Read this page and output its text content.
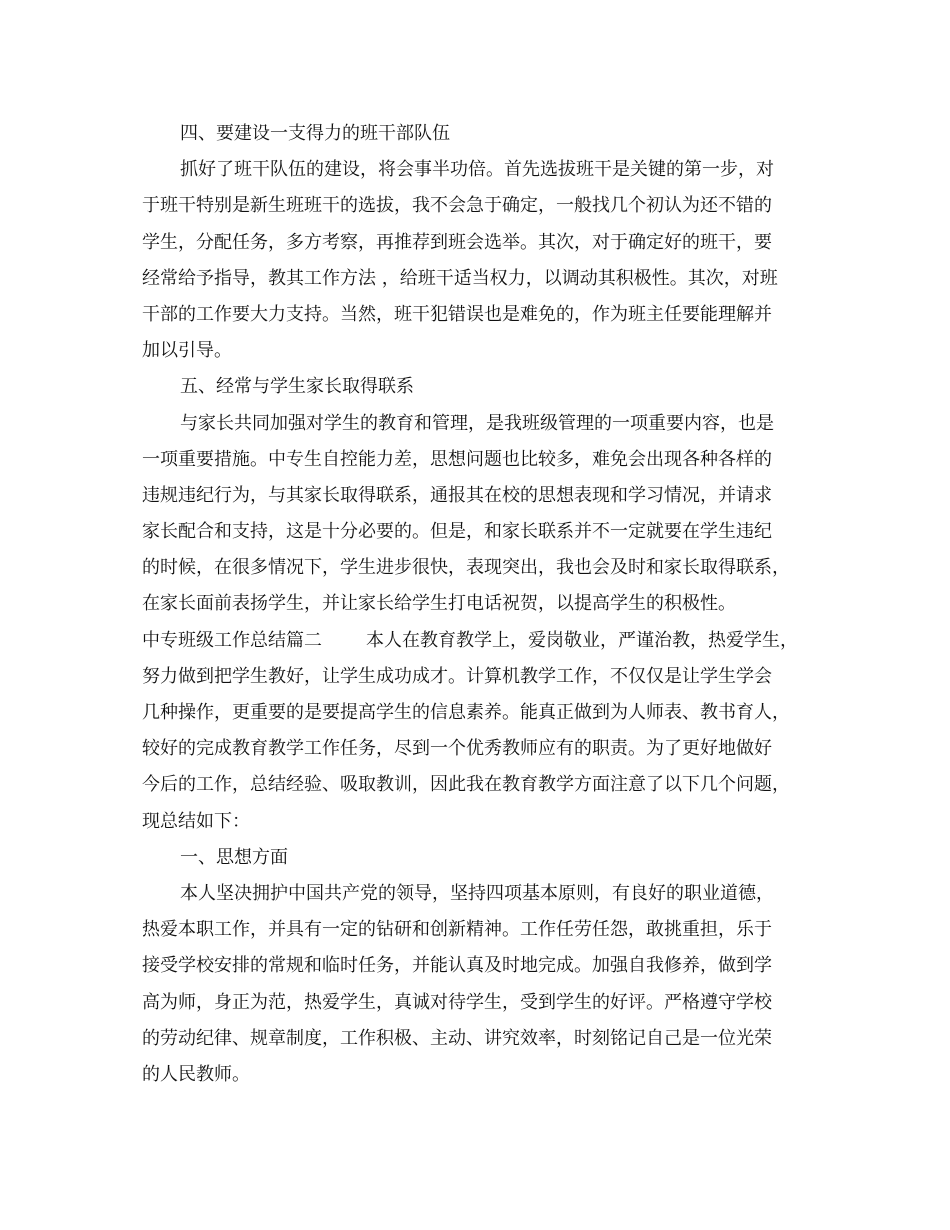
四、要建设一支得力的班干部队伍
抓好了班干队伍的建设，将会事半功倍。首先选拔班干是关键的第一步，对
于班干特别是新生班班干的选拔，我不会急于确定，一般找几个初认为还不错的
学生，分配任务，多方考察，再推荐到班会选举。其次，对于确定好的班干，要
经常给予指导，教其工作方法 ，给班干适当权力，以调动其积极性。其次，对班
干部的工作要大力支持。当然，班干犯错误也是难免的，作为班主任要能理解并
加以引导。
五、经常与学生家长取得联系
与家长共同加强对学生的教育和管理，是我班级管理的一项重要内容，也是
一项重要措施。中专生自控能力差，思想问题也比较多，难免会出现各种各样的
违规违纪行为，与其家长取得联系，通报其在校的思想表现和学习情况，并请求
家长配合和支持，这是十分必要的。但是，和家长联系并不一定就要在学生违纪
的时候，在很多情况下，学生进步很快，表现突出，我也会及时和家长取得联系，
在家长面前表扬学生，并让家长给学生打电话祝贺，以提高学生的积极性。
中专班级工作总结篇二 本人在教育教学上，爱岗敬业，严谨治教，热爱学生，
努力做到把学生教好，让学生成功成才。计算机教学工作，不仅仅是让学生学会
几种操作，更重要的是要提高学生的信息素养。能真正做到为人师表、教书育人，
较好的完成教育教学工作任务，尽到一个优秀教师应有的职责。为了更好地做好
今后的工作，总结经验、吸取教训，因此我在教育教学方面注意了以下几个问题，
现总结如下：
一、思想方面
本人坚决拥护中国共产党的领导，坚持四项基本原则，有良好的职业道德，
热爱本职工作，并具有一定的钻研和创新精神。工作任劳任怨，敢挑重担，乐于
接受学校安排的常规和临时任务，并能认真及时地完成。加强自我修养，做到学
高为师，身正为范，热爱学生，真诚对待学生，受到学生的好评。严格遵守学校
的劳动纪律、规章制度，工作积极、主动、讲究效率，时刻铭记自己是一位光荣
的人民教师。
